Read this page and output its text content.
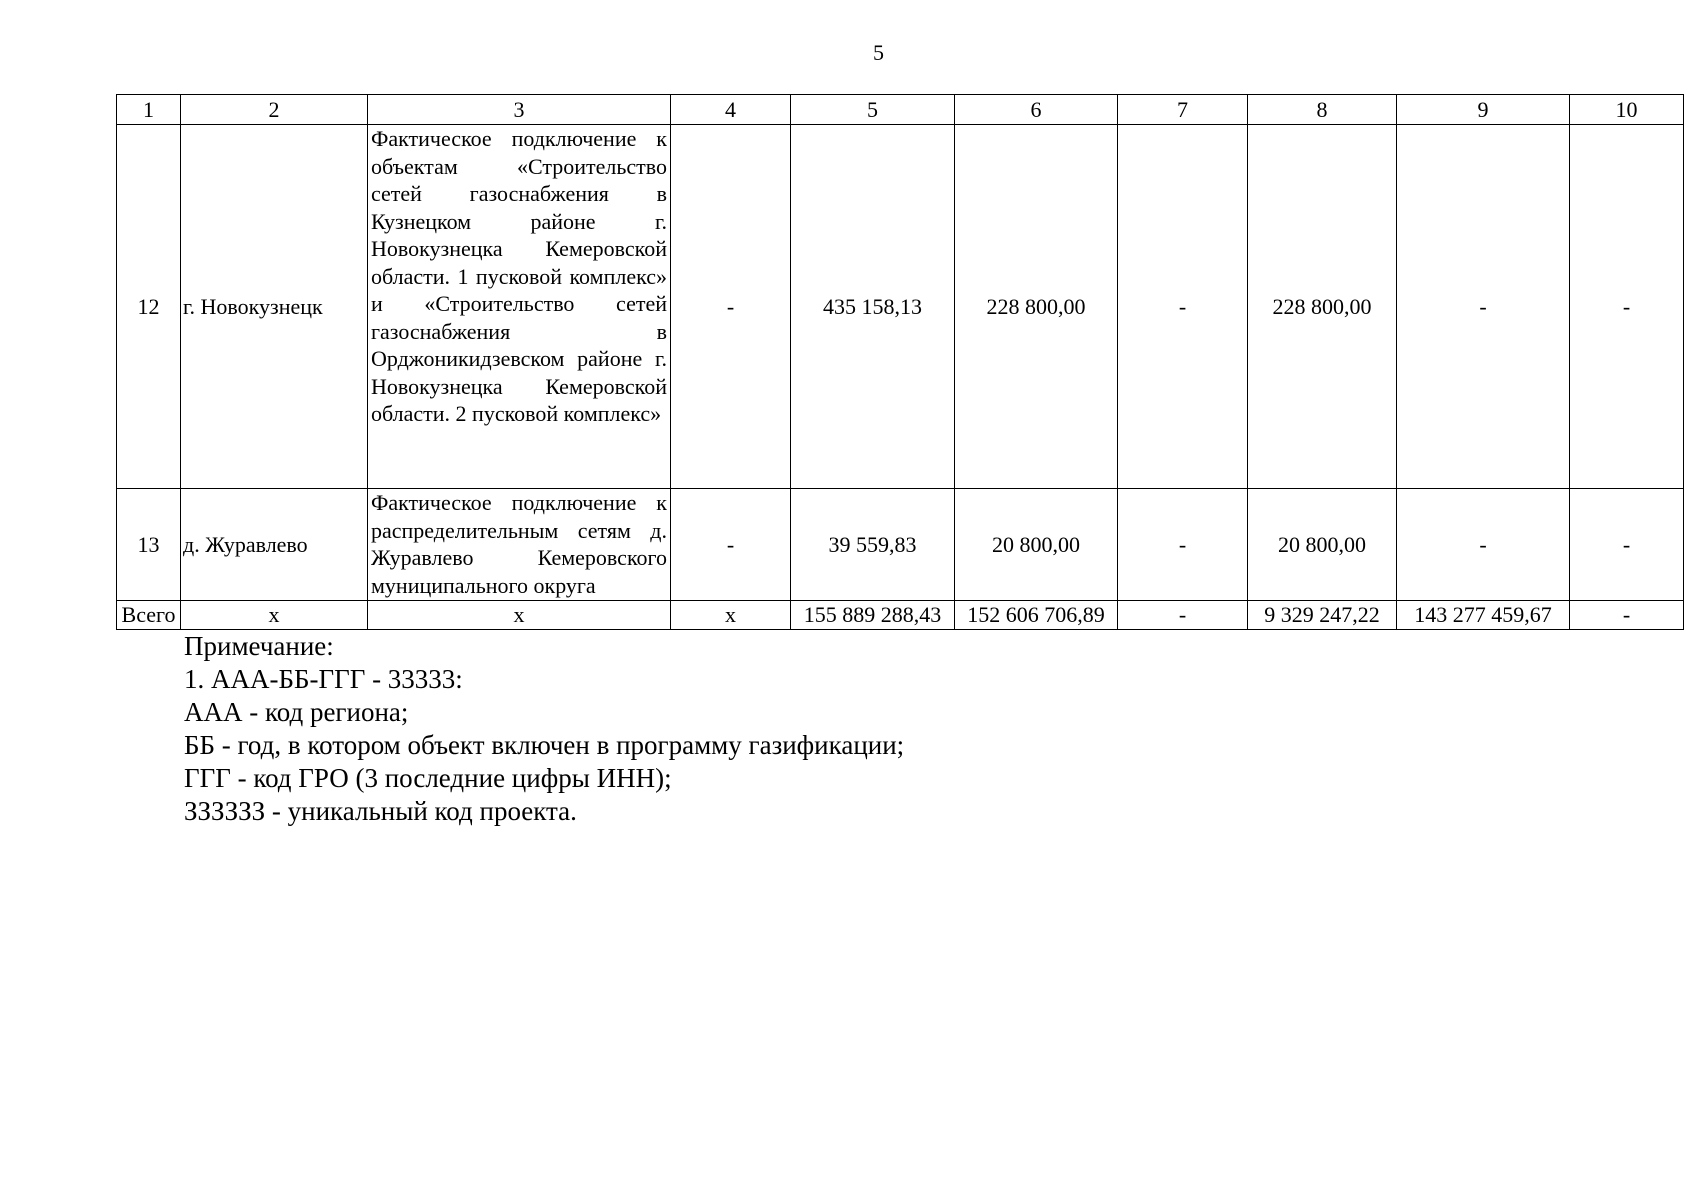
5
1	2	3	4	5	6	7	8	9	10
12	г. Новокузнецк	Фактическое подключение к объектам «Строительство сетей газоснабжения в Кузнецком районе г. Новокузнецка Кемеровской области. 1 пусковой комплекс» и «Строительство сетей газоснабжения в Орджоникидзевском районе г. Новокузнецка Кемеровской области. 2 пусковой комплекс»	-	435 158,13	228 800,00	-	228 800,00	-	-
13	д. Журавлево	Фактическое подключение к распределительным сетям д. Журавлево Кемеровского муниципального округа	-	39 559,83	20 800,00	-	20 800,00	-	-
Всего	х	х	х	155 889 288,43	152 606 706,89	-	9 329 247,22	143 277 459,67	-
Примечание:
1. ААА-ББ-ГГГ - 33333:
ААА - код региона;
ББ - год, в котором объект включен в программу газификации;
ГГГ - код ГРО (3 последние цифры ИНН);
ЗЗЗЗЗЗ - уникальный код проекта.
